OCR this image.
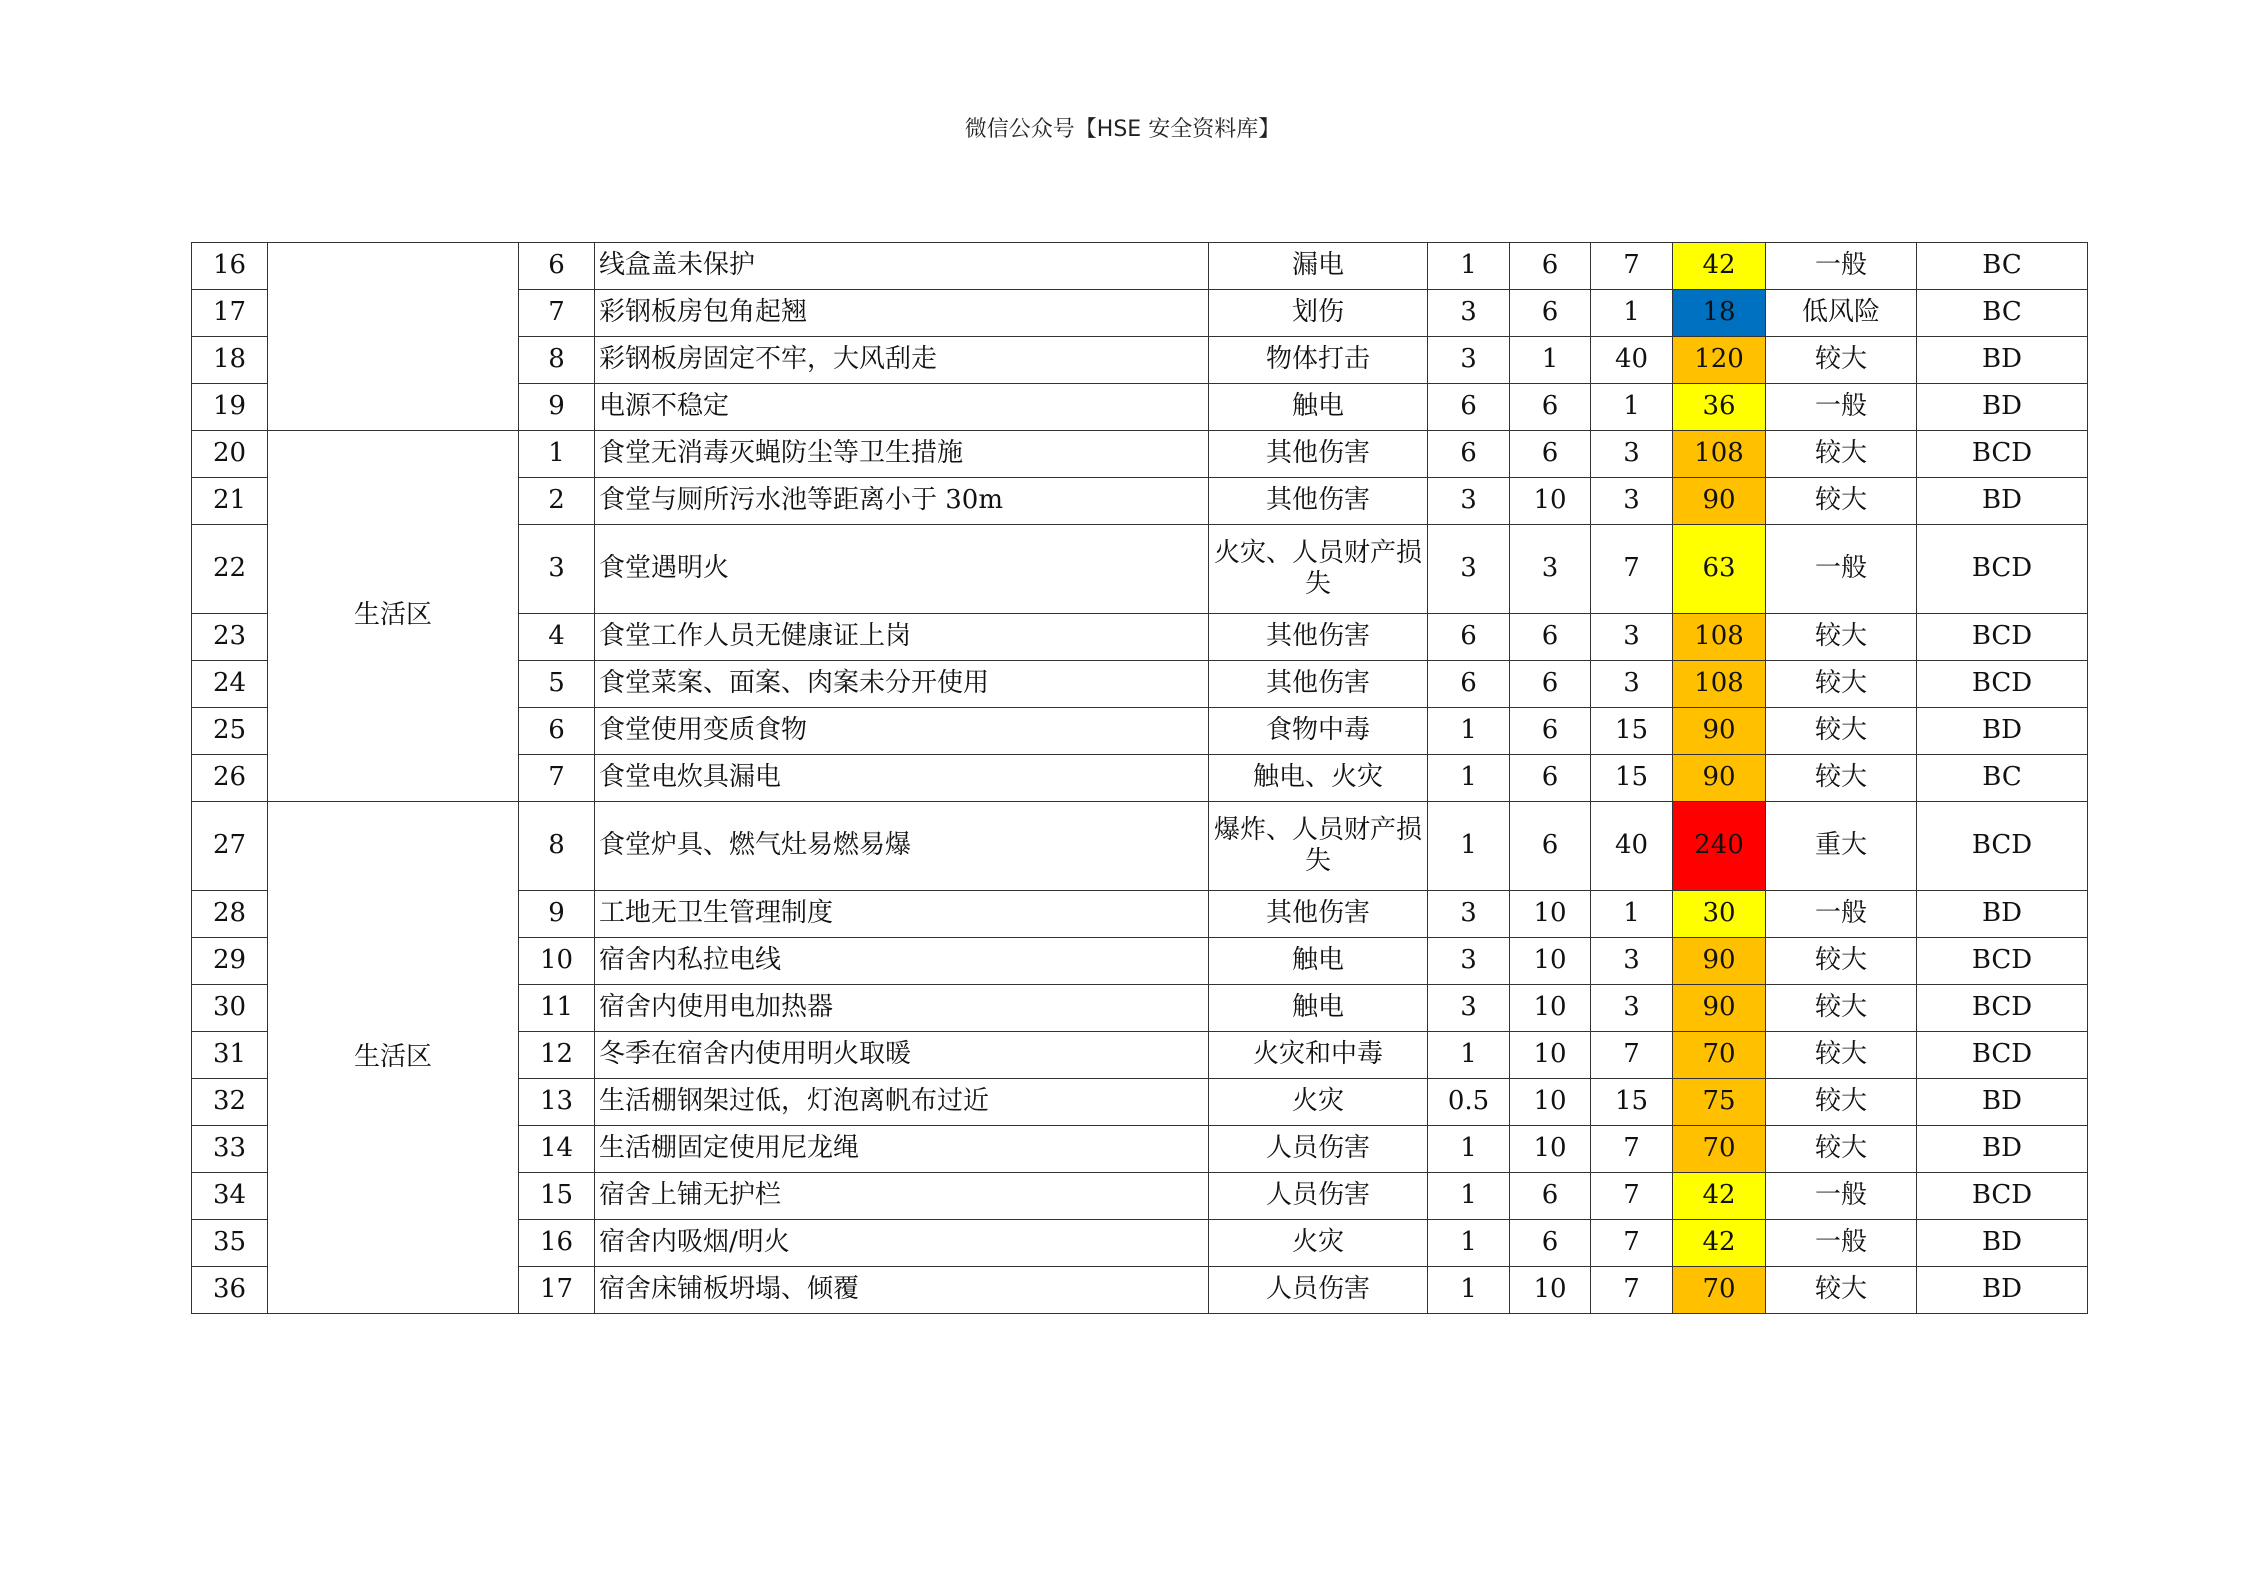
微信公众号【HSE 安全资料库】
16		6	线盒盖未保护	漏电	1	6	7	42	一般	BC
17		7	彩钢板房包角起翘	划伤	3	6	1	18	低风险	BC
18		8	彩钢板房固定不牢，大风刮走	物体打击	3	1	40	120	较大	BD
19		9	电源不稳定	触电	6	6	1	36	一般	BD
20	生活区	1	食堂无消毒灭蝇防尘等卫生措施	其他伤害	6	6	3	108	较大	BCD
21		2	食堂与厕所污水池等距离小于 30m	其他伤害	3	10	3	90	较大	BD
22		3	食堂遇明火	火灾、人员财产损失	3	3	7	63	一般	BCD
23		4	食堂工作人员无健康证上岗	其他伤害	6	6	3	108	较大	BCD
24		5	食堂菜案、面案、肉案未分开使用	其他伤害	6	6	3	108	较大	BCD
25		6	食堂使用变质食物	食物中毒	1	6	15	90	较大	BD
26		7	食堂电炊具漏电	触电、火灾	1	6	15	90	较大	BC
27	生活区	8	食堂炉具、燃气灶易燃易爆	爆炸、人员财产损失	1	6	40	240	重大	BCD
28		9	工地无卫生管理制度	其他伤害	3	10	1	30	一般	BD
29		10	宿舍内私拉电线	触电	3	10	3	90	较大	BCD
30		11	宿舍内使用电加热器	触电	3	10	3	90	较大	BCD
31		12	冬季在宿舍内使用明火取暖	火灾和中毒	1	10	7	70	较大	BCD
32		13	生活棚钢架过低，灯泡离帆布过近	火灾	0.5	10	15	75	较大	BD
33		14	生活棚固定使用尼龙绳	人员伤害	1	10	7	70	较大	BD
34		15	宿舍上铺无护栏	人员伤害	1	6	7	42	一般	BCD
35		16	宿舍内吸烟/明火	火灾	1	6	7	42	一般	BD
36		17	宿舍床铺板坍塌、倾覆	人员伤害	1	10	7	70	较大	BD
